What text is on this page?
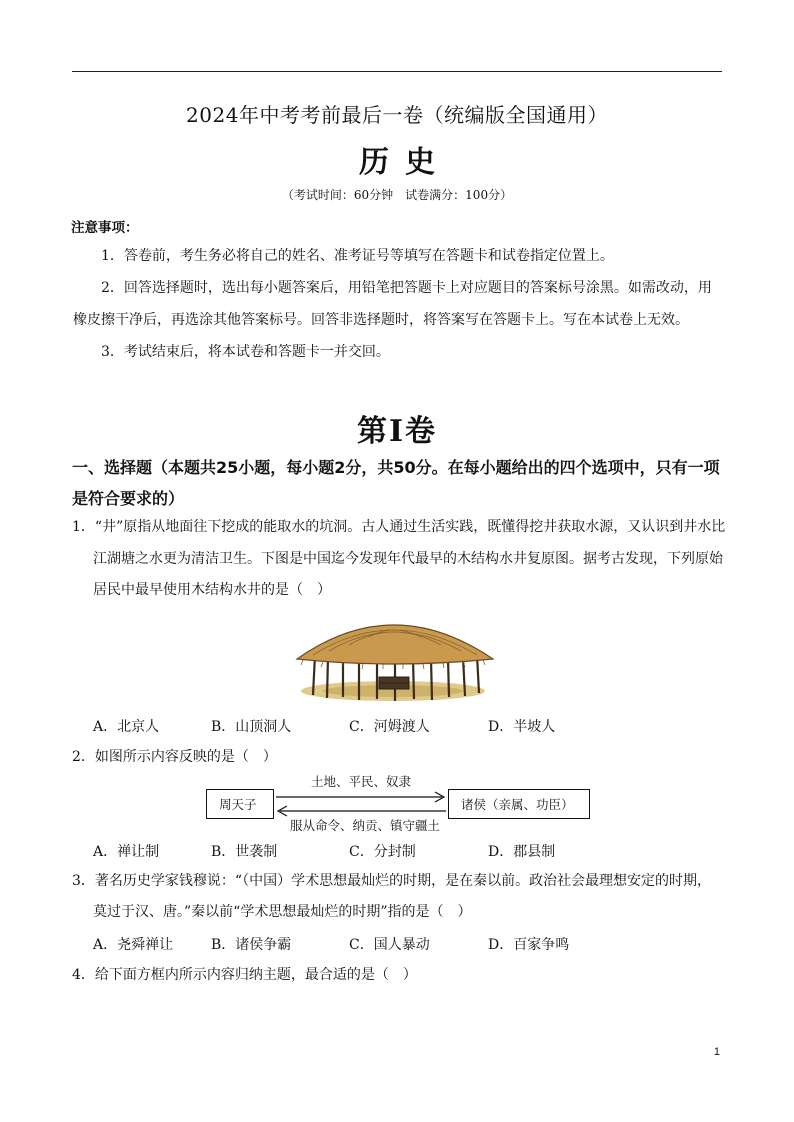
2024年中考考前最后一卷（统编版全国通用）
历史
（考试时间：60分钟　试卷满分：100分）
注意事项：
1．答卷前，考生务必将自己的姓名、准考证号等填写在答题卡和试卷指定位置上。
2．回答选择题时，选出每小题答案后，用铅笔把答题卡上对应题目的答案标号涂黑。如需改动，用
橡皮擦干净后，再选涂其他答案标号。回答非选择题时，将答案写在答题卡上。写在本试卷上无效。
3．考试结束后，将本试卷和答题卡一并交回。
第Ⅰ卷
一、选择题（本题共25小题，每小题2分，共50分。在每小题给出的四个选项中，只有一项
是符合要求的）
1．“井”原指从地面往下挖成的能取水的坑洞。古人通过生活实践，既懂得挖井获取水源，又认识到井水比
江湖塘之水更为清洁卫生。下图是中国迄今发现年代最早的木结构水井复原图。据考古发现，下列原始
居民中最早使用木结构水井的是（　）
A．北京人	B．山顶洞人	C．河姆渡人	D．半坡人
2．如图所示内容反映的是（　）
周天子	诸侯（亲属、功臣）
土地、平民、奴隶
服从命令、纳贡、镇守疆土
A．禅让制	B．世袭制	C．分封制	D．郡县制
3．著名历史学家钱穆说：“（中国）学术思想最灿烂的时期，是在秦以前。政治社会最理想安定的时期，
莫过于汉、唐。”秦以前“学术思想最灿烂的时期”指的是（　）
A．尧舜禅让	B．诸侯争霸	C．国人暴动	D．百家争鸣
4．给下面方框内所示内容归纳主题，最合适的是（　）
1
